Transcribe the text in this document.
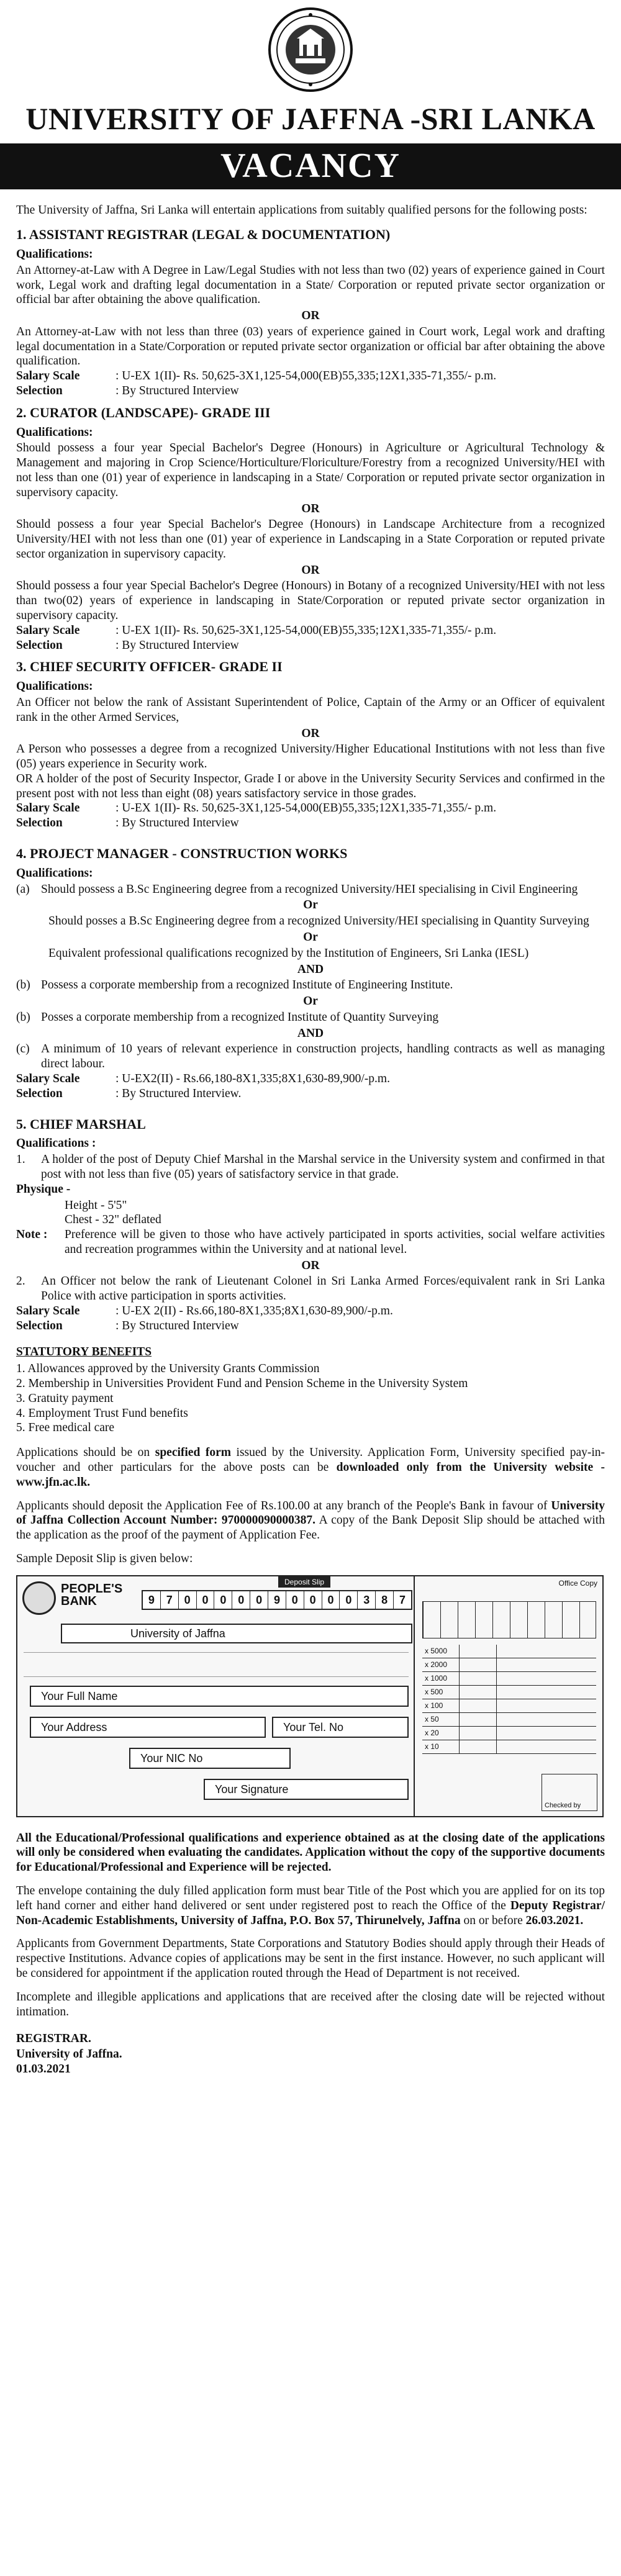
UNIVERSITY OF JAFFNA -SRI LANKA
VACANCY

The University of Jaffna, Sri Lanka will entertain applications from suitably qualified persons for the following posts:

1. ASSISTANT REGISTRAR (LEGAL & DOCUMENTATION)
Qualifications:

An Attorney-at-Law with A Degree in Law/Legal Studies with not less than two (02) years of experience gained in Court work, Legal work and drafting legal documentation in a State/ Corporation or reputed private sector organization or official bar after obtaining the above qualification.

OR

An Attorney-at-Law with not less than three (03) years of experience gained in Court work, Legal work and drafting legal documentation in a State/Corporation or reputed private sector organization or official bar after obtaining the above qualification.

Salary Scale	: U-EX 1(II)- Rs. 50,625-3X1,125-54,000(EB)55,335;12X1,335-71,355/- p.m.
Selection	: By Structured Interview
2. CURATOR (LANDSCAPE)- GRADE III
Qualifications:

Should possess a four year Special Bachelor's Degree (Honours) in Agriculture or Agricultural Technology & Management and majoring in Crop Science/Horticulture/Floriculture/Forestry from a recognized University/HEI with not less than one (01) year of experience in landscaping in a State/ Corporation or reputed private sector organization in supervisory capacity.

OR

Should possess a four year Special Bachelor's Degree (Honours) in Landscape Architecture from a recognized University/HEI with not less than one (01) year of experience in Landscaping in a State Corporation or reputed private sector organization in supervisory capacity.

OR

Should possess a four year Special Bachelor's Degree (Honours) in Botany of a recognized University/HEI with not less than two(02) years of experience in landscaping in State/Corporation or reputed private sector organization in supervisory capacity.

Salary Scale	: U-EX 1(II)- Rs. 50,625-3X1,125-54,000(EB)55,335;12X1,335-71,355/- p.m.
Selection	: By Structured Interview
3. CHIEF SECURITY OFFICER- GRADE II
Qualifications:

An Officer not below the rank of Assistant Superintendent of Police, Captain of the Army or an Officer of equivalent rank in the other Armed Services,

OR

A Person who possesses a degree from a recognized University/Higher Educational Institutions with not less than five (05) years experience in Security work.

OR A holder of the post of Security Inspector, Grade I or above in the University Security Services and confirmed in the present post with not less than eight (08) years satisfactory service in those grades.

Salary Scale	: U-EX 1(II)- Rs. 50,625-3X1,125-54,000(EB)55,335;12X1,335-71,355/- p.m.
Selection	: By Structured Interview
4. PROJECT MANAGER - CONSTRUCTION WORKS
Qualifications:
(a) Should possess a B.Sc Engineering degree from a recognized University/HEI specialising in Civil Engineering
Or

Should posses a B.Sc Engineering degree from a recognized University/HEI specialising in Quantity Surveying

Or

Equivalent professional qualifications recognized by the Institution of Engineers, Sri Lanka (IESL)

AND
(b) Possess a corporate membership from a recognized Institute of Engineering Institute.
Or
(b) Posses a corporate membership from a recognized Institute of Quantity Surveying
AND
(c) A minimum of 10 years of relevant experience in construction projects, handling contracts as well as managing direct labour.
Salary Scale	: U-EX2(II) - Rs.66,180-8X1,335;8X1,630-89,900/-p.m.
Selection	: By Structured Interview.
5. CHIEF MARSHAL
Qualifications :
1.	A holder of the post of Deputy Chief Marshal in the Marshal service in the University system and confirmed in that post with not less than five (05) years of satisfactory service in that grade.
Physique -
Height - 5'5"
Chest - 32" deflated
Note :	Preference will be given to those who have actively participated in sports activities, social welfare activities and recreation programmes within the University and at national level.
OR
2.	An Officer not below the rank of Lieutenant Colonel in Sri Lanka Armed Forces/equivalent rank in Sri Lanka Police with active participation in sports activities.
Salary Scale	: U-EX 2(II) - Rs.66,180-8X1,335;8X1,630-89,900/-p.m.
Selection	: By Structured Interview
STATUTORY BENEFITS
1. Allowances approved by the University Grants Commission
2. Membership in Universities Provident Fund and Pension Scheme in the University System
3. Gratuity payment
4. Employment Trust Fund benefits
5. Free medical care

Applications should be on specified form issued by the University. Application Form, University specified pay-in-voucher and other particulars for the above posts can be downloaded only from the University website - www.jfn.ac.lk.

Applicants should deposit the Application Fee of Rs.100.00 at any branch of the People's Bank in favour of University of Jaffna Collection Account Number: 970000090000387. A copy of the Bank Deposit Slip should be attached with the application as the proof of the payment of Application Fee.

Sample Deposit Slip is given below:

PEOPLE'S
BANK
Deposit Slip
9	7	0	0	0	0	0	9	0	0	0	0	3	8	7
University of Jaffna
Your Full Name
Your Address	Your Tel. No
Your NIC No
Your Signature
Office Copy
x 5000
x 2000
x 1000
x 500
x 100
x 50
x 20
x 10
Checked by

All the Educational/Professional qualifications and experience obtained as at the closing date of the applications will only be considered when evaluating the candidates. Application without the copy of the supportive documents for Educational/Professional and Experience will be rejected.

The envelope containing the duly filled application form must bear Title of the Post which you are applied for on its top left hand corner and either hand delivered or sent under registered post to reach the Office of the Deputy Registrar/ Non-Academic Establishments, University of Jaffna, P.O. Box 57, Thirunelvely, Jaffna on or before 26.03.2021.

Applicants from Government Departments, State Corporations and Statutory Bodies should apply through their Heads of respective Institutions. Advance copies of applications may be sent in the first instance. However, no such applicant will be considered for appointment if the application routed through the Head of Department is not received.

Incomplete and illegible applications and applications that are received after the closing date will be rejected without intimation.

REGISTRAR.
University of Jaffna.
01.03.2021
